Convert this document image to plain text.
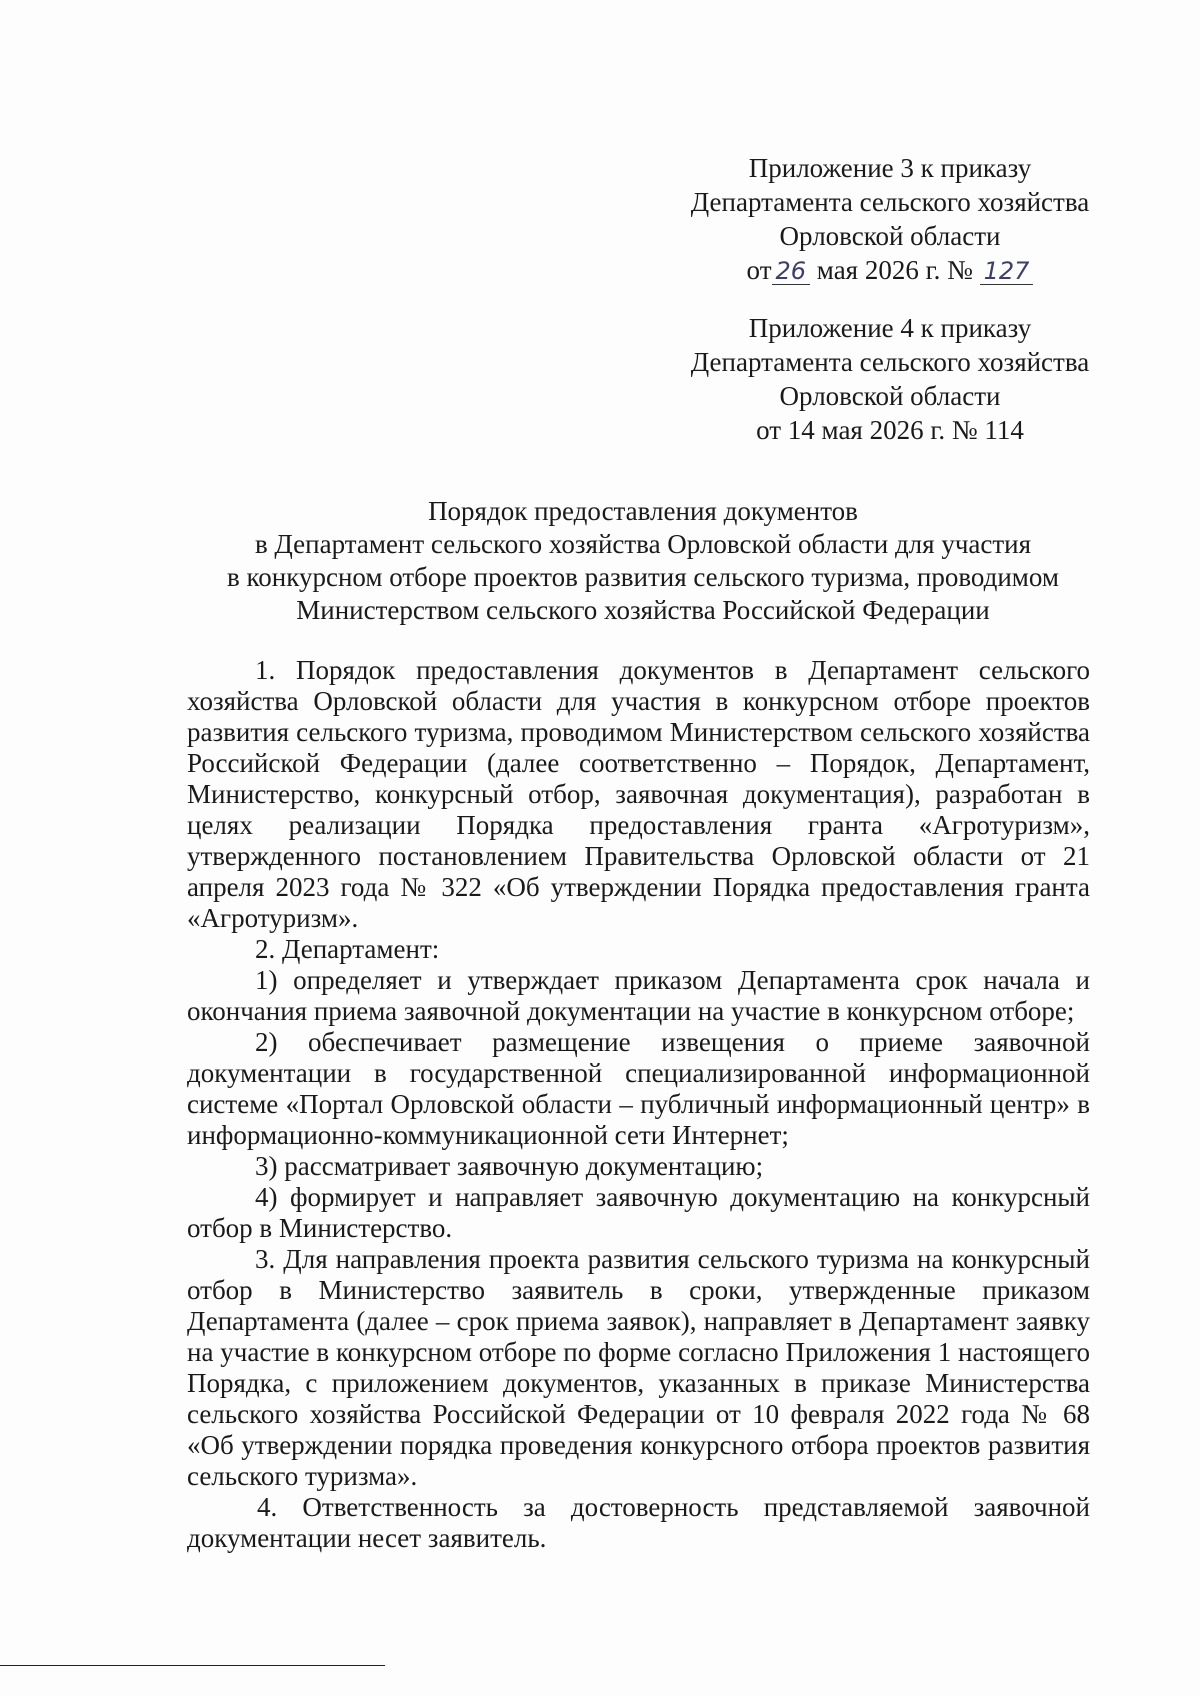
Приложение 3 к приказу
Департамента сельского хозяйства
Орловской области
от 26 мая 2026 г. № 127
Приложение 4 к приказу
Департамента сельского хозяйства
Орловской области
от 14 мая 2026 г. № 114
Порядок предоставления документов
в Департамент сельского хозяйства Орловской области для участия
в конкурсном отборе проектов развития сельского туризма, проводимом
Министерством сельского хозяйства Российской Федерации

1. Порядок предоставления документов в Департамент сельского хозяйства Орловской области для участия в конкурсном отборе проектов развития сельского туризма, проводимом Министерством сельского хозяйства Российской Федерации (далее соответственно – Порядок, Департамент, Министерство, конкурсный отбор, заявочная документация), разработан в целях реализации Порядка предоставления гранта «Агротуризм», утвержденного постановлением Правительства Орловской области от 21 апреля 2023 года № 322 «Об утверждении Порядка предоставления гранта «Агротуризм».

2. Департамент:

1) определяет и утверждает приказом Департамента срок начала и окончания приема заявочной документации на участие в конкурсном отборе;

2) обеспечивает размещение извещения о приеме заявочной документации в государственной специализированной информационной системе «Портал Орловской области – публичный информационный центр» в информационно-коммуникационной сети Интернет;

3) рассматривает заявочную документацию;

4) формирует и направляет заявочную документацию на конкурсный отбор в Министерство.

3. Для направления проекта развития сельского туризма на конкурсный отбор в Министерство заявитель в сроки, утвержденные приказом Департамента (далее – срок приема заявок), направляет в Департамент заявку на участие в конкурсном отборе по форме согласно Приложения 1 настоящего Порядка, с приложением документов, указанных в приказе Министерства сельского хозяйства Российской Федерации от 10 февраля 2022 года № 68 «Об утверждении порядка проведения конкурсного отбора проектов развития сельского туризма».

4. Ответственность за достоверность представляемой заявочной документации несет заявитель.
